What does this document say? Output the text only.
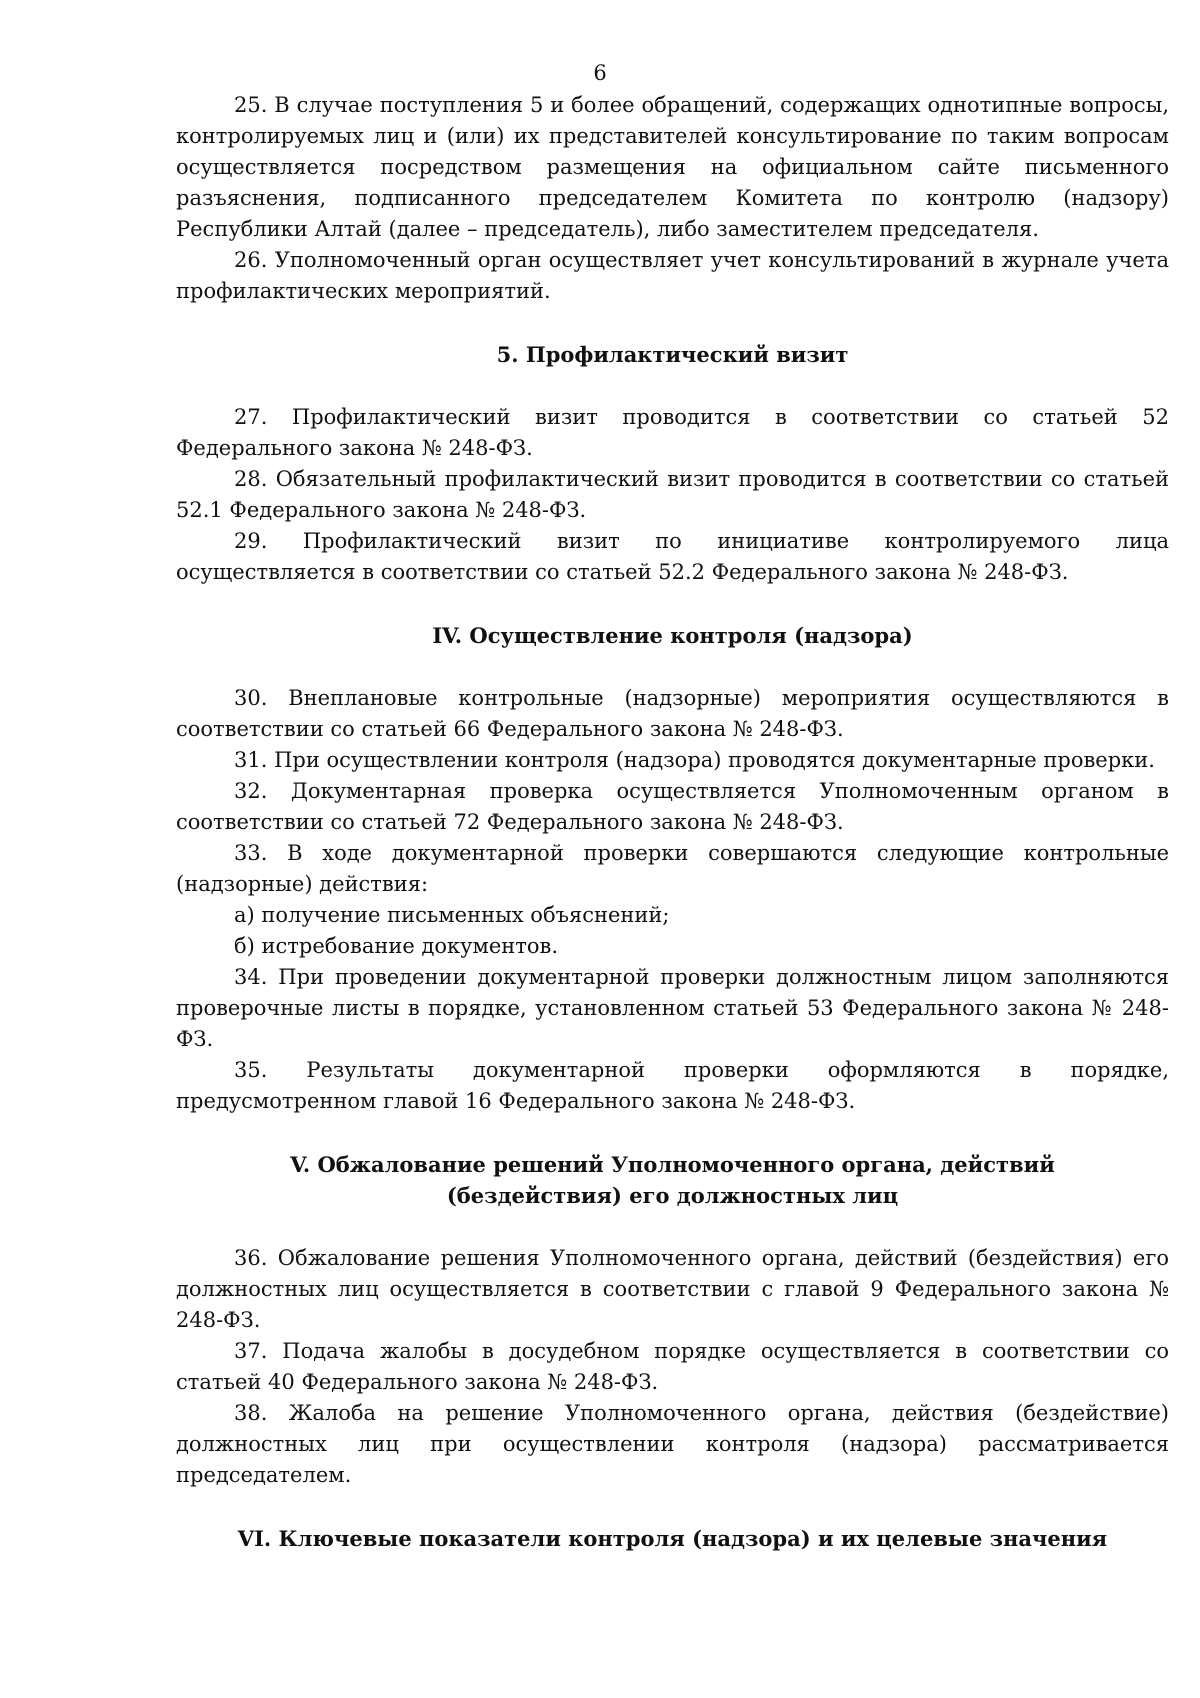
6

25. В случае поступления 5 и более обращений, содержащих однотипные вопросы, контролируемых лиц и (или) их представителей консультирование по таким вопросам осуществляется посредством размещения на официальном сайте письменного разъяснения, подписанного председателем Комитета по контролю (надзору) Республики Алтай (далее – председатель), либо заместителем председателя.

26. Уполномоченный орган осуществляет учет консультирований в журнале учета профилактических мероприятий.

5. Профилактический визит

27. Профилактический визит проводится в соответствии со статьей 52 Федерального закона № 248-ФЗ.

28. Обязательный профилактический визит проводится в соответствии со статьей 52.1 Федерального закона № 248-ФЗ.

29. Профилактический визит по инициативе контролируемого лица осуществляется в соответствии со статьей 52.2 Федерального закона № 248-ФЗ.

IV. Осуществление контроля (надзора)

30. Внеплановые контрольные (надзорные) мероприятия осуществляются в соответствии со статьей 66 Федерального закона № 248-ФЗ.

31. При осуществлении контроля (надзора) проводятся документарные проверки.

32. Документарная проверка осуществляется Уполномоченным органом в соответствии со статьей 72 Федерального закона № 248-ФЗ.

33. В ходе документарной проверки совершаются следующие контрольные (надзорные) действия:

а) получение письменных объяснений;

б) истребование документов.

34. При проведении документарной проверки должностным лицом заполняются проверочные листы в порядке, установленном статьей 53 Федерального закона № 248-ФЗ.

35. Результаты документарной проверки оформляются в порядке, предусмотренном главой 16 Федерального закона № 248-ФЗ.

V. Обжалование решений Уполномоченного органа, действий (бездействия) его должностных лиц

36. Обжалование решения Уполномоченного органа, действий (бездействия) его должностных лиц осуществляется в соответствии с главой 9 Федерального закона № 248-ФЗ.

37. Подача жалобы в досудебном порядке осуществляется в соответствии со статьей 40 Федерального закона № 248-ФЗ.

38. Жалоба на решение Уполномоченного органа, действия (бездействие) должностных лиц при осуществлении контроля (надзора) рассматривается председателем.

VI. Ключевые показатели контроля (надзора) и их целевые значения
